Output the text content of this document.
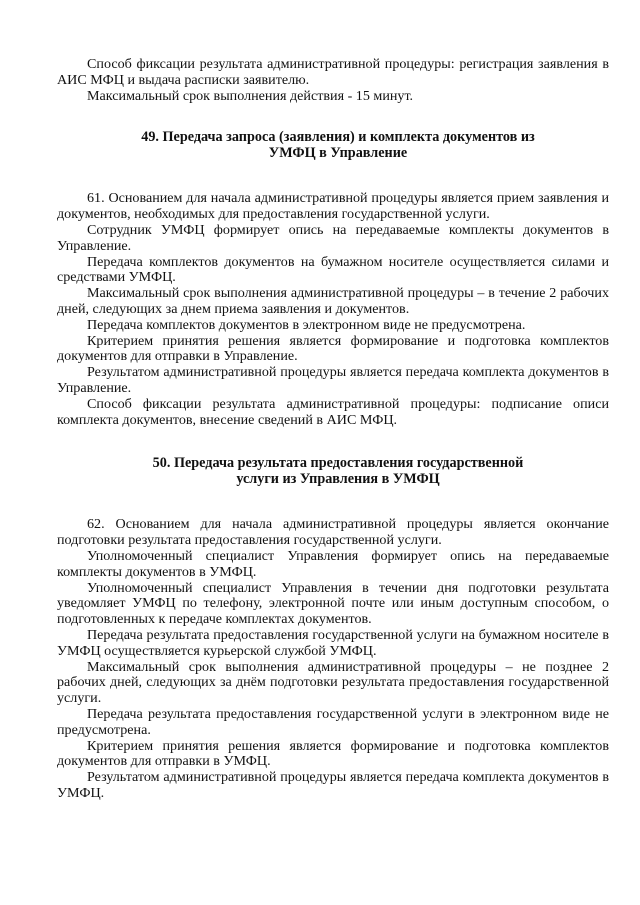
Способ фиксации результата административной процедуры: регистрация заявления в АИС МФЦ и выдача расписки заявителю.

Максимальный срок выполнения действия - 15 минут.

49. Передача запроса (заявления) и комплекта документов из
УМФЦ в Управление

61. Основанием для начала административной процедуры является прием заявления и документов, необходимых для предоставления государственной услуги.

Сотрудник УМФЦ формирует опись на передаваемые комплекты документов в Управление.

Передача комплектов документов на бумажном носителе осуществляется силами и средствами УМФЦ.

Максимальный срок выполнения административной процедуры – в течение 2 рабочих дней, следующих за днем приема заявления и документов.

Передача комплектов документов в электронном виде не предусмотрена.

Критерием принятия решения является формирование и подготовка комплектов документов для отправки в Управление.

Результатом административной процедуры является передача комплекта документов в Управление.

Способ фиксации результата административной процедуры: подписание описи комплекта документов, внесение сведений в АИС МФЦ.

50. Передача результата предоставления государственной
услуги из Управления в УМФЦ

62. Основанием для начала административной процедуры является окончание подготовки результата предоставления государственной услуги.

Уполномоченный специалист Управления формирует опись на передаваемые комплекты документов в УМФЦ.

Уполномоченный специалист Управления в течении дня подготовки результата уведомляет УМФЦ по телефону, электронной почте или иным доступным способом, о подготовленных к передаче комплектах документов.

Передача результата предоставления государственной услуги на бумажном носителе в УМФЦ осуществляется курьерской службой УМФЦ.

Максимальный срок выполнения административной процедуры – не позднее 2 рабочих дней, следующих за днём подготовки результата предоставления государственной услуги.

Передача результата предоставления государственной услуги в электронном виде не предусмотрена.

Критерием принятия решения является формирование и подготовка комплектов документов для отправки в УМФЦ.

Результатом административной процедуры является передача комплекта документов в УМФЦ.
